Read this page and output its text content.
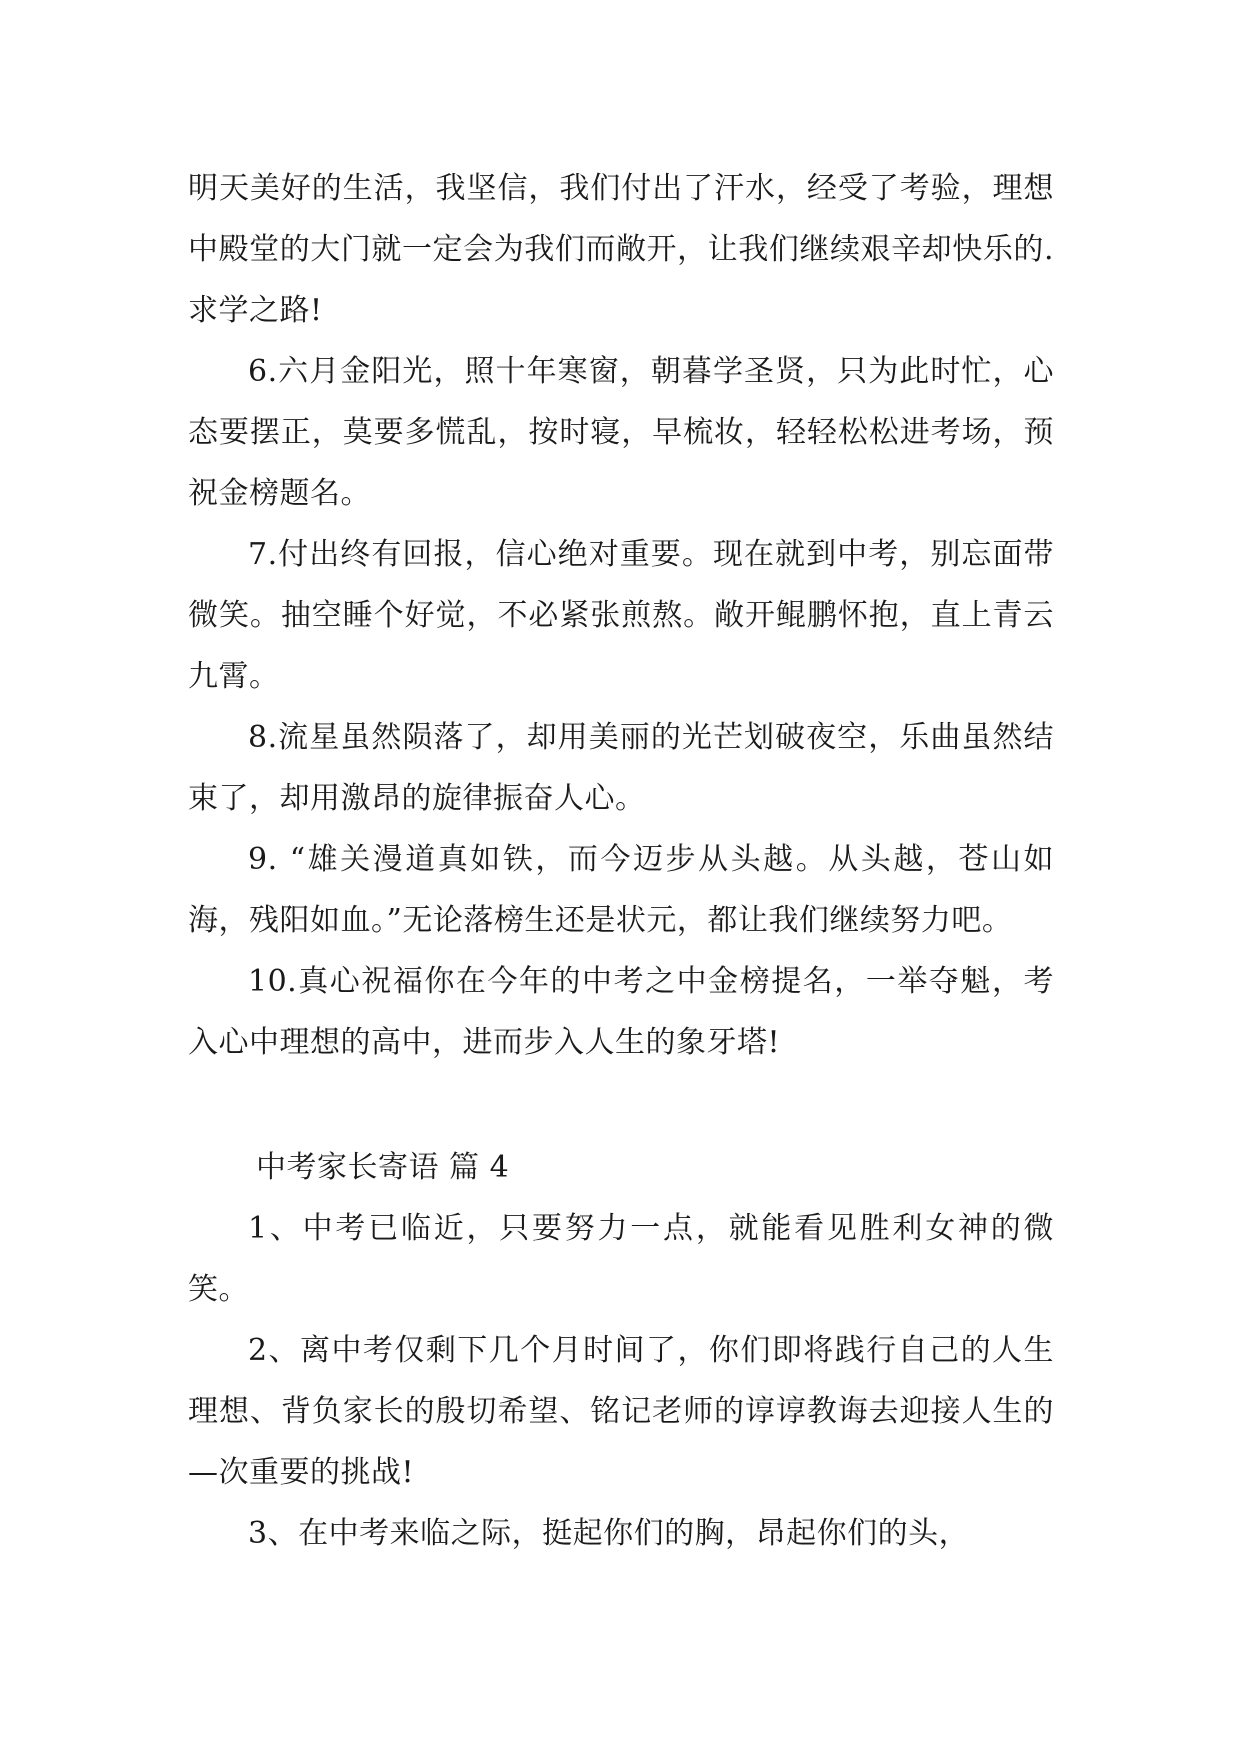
明天美好的生活，我坚信，我们付出了汗水，经受了考验，理想中殿堂的大门就一定会为我们而敞开，让我们继续艰辛却快乐的.求学之路!

6.六月金阳光，照十年寒窗，朝暮学圣贤，只为此时忙，心态要摆正，莫要多慌乱，按时寝，早梳妆，轻轻松松进考场，预祝金榜题名。

7.付出终有回报，信心绝对重要。现在就到中考，别忘面带微笑。抽空睡个好觉，不必紧张煎熬。敞开鲲鹏怀抱，直上青云九霄。

8.流星虽然陨落了，却用美丽的光芒划破夜空，乐曲虽然结束了，却用激昂的旋律振奋人心。

9. “雄关漫道真如铁，而今迈步从头越。从头越，苍山如海，残阳如血。”无论落榜生还是状元，都让我们继续努力吧。

10.真心祝福你在今年的中考之中金榜提名，一举夺魁，考入心中理想的高中，进而步入人生的象牙塔!

中考家长寄语 篇 4

1、中考已临近，只要努力一点，就能看见胜利女神的微笑。

2、离中考仅剩下几个月时间了，你们即将践行自己的人生理想、背负家长的殷切希望、铭记老师的谆谆教诲去迎接人生的—次重要的挑战!

3、在中考来临之际，挺起你们的胸，昂起你们的头，
